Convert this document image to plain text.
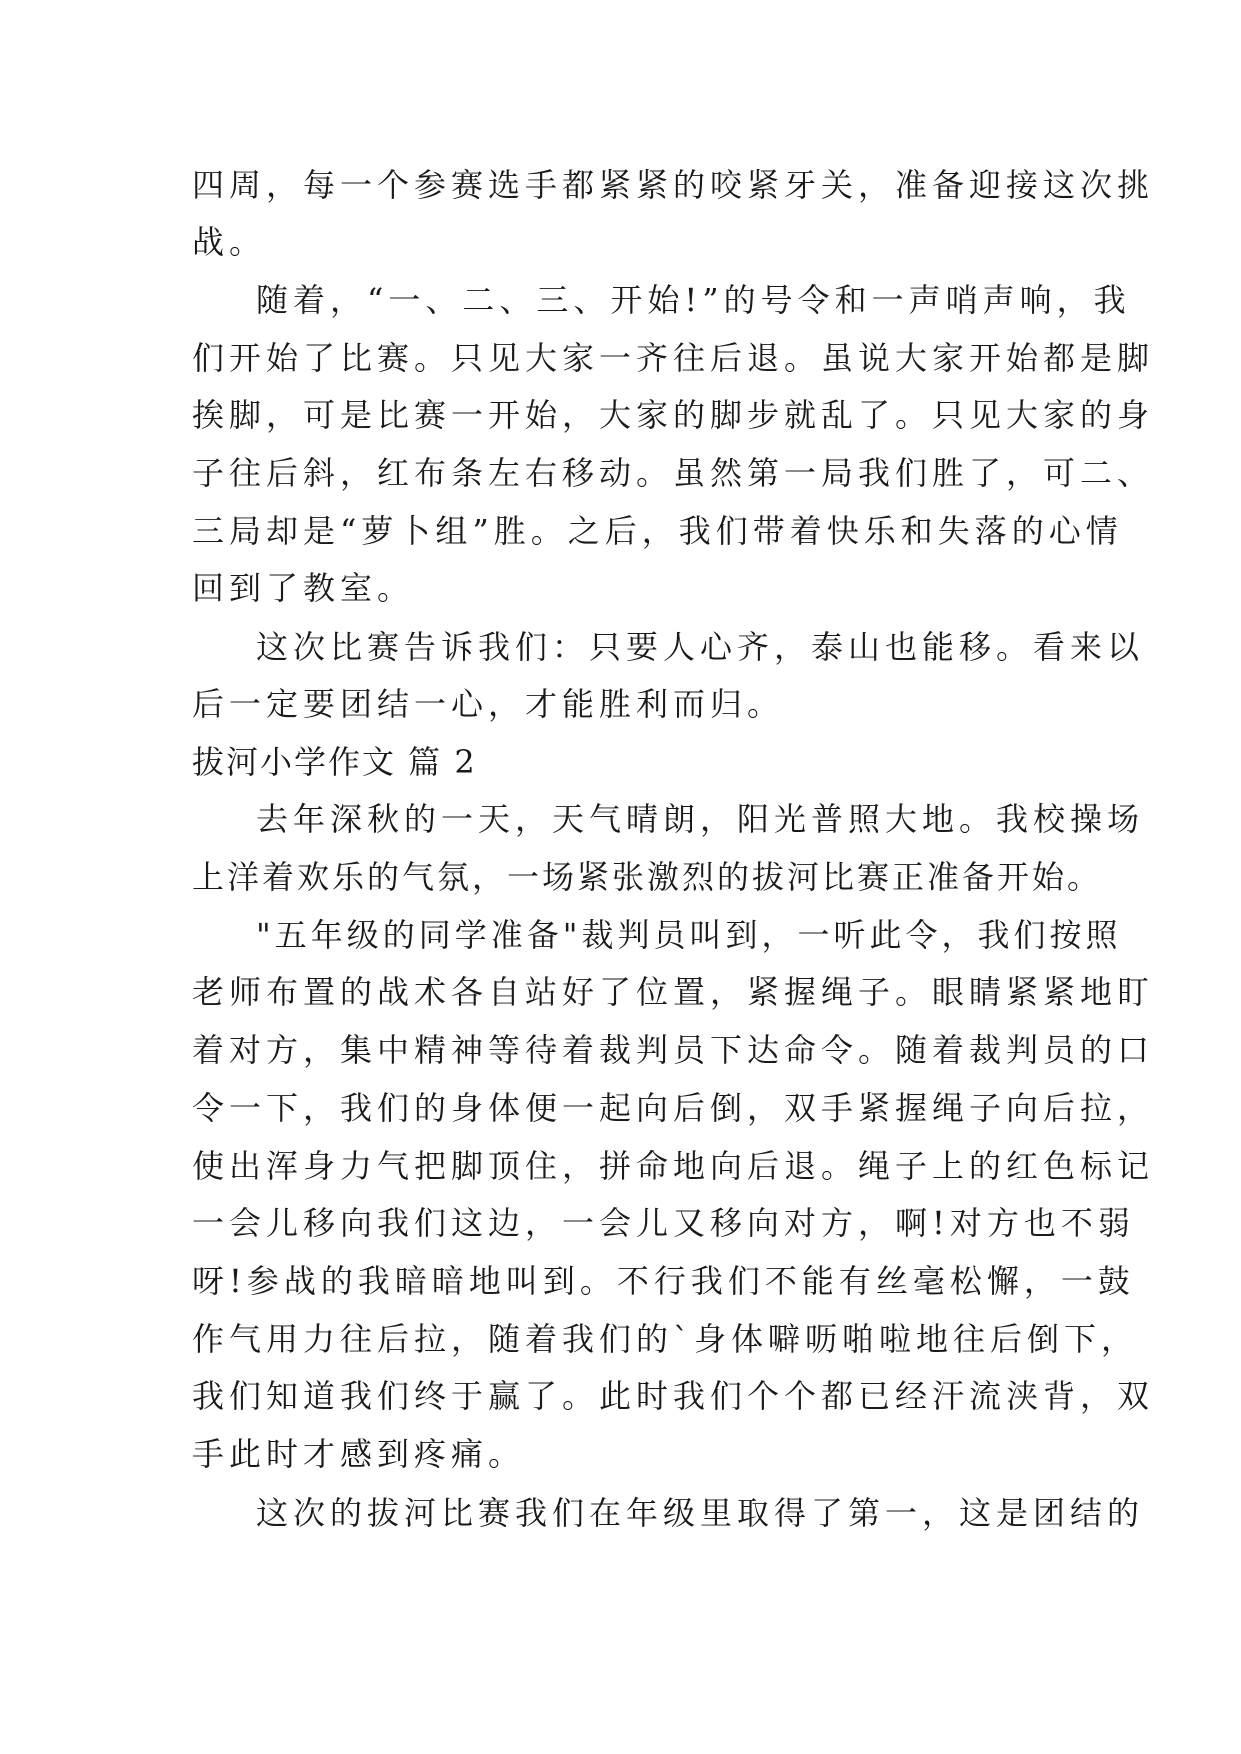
四周，每一个参赛选手都紧紧的咬紧牙关，准备迎接这次挑
战。
随着，“一、二、三、开始!”的号令和一声哨声响，我
们开始了比赛。只见大家一齐往后退。虽说大家开始都是脚
挨脚，可是比赛一开始，大家的脚步就乱了。只见大家的身
子往后斜，红布条左右移动。虽然第一局我们胜了，可二、
三局却是“萝卜组”胜。之后，我们带着快乐和失落的心情
回到了教室。
这次比赛告诉我们：只要人心齐，泰山也能移。看来以
后一定要团结一心，才能胜利而归。
拔河小学作文 篇 2
去年深秋的一天，天气晴朗，阳光普照大地。我校操场
上洋着欢乐的气氛，一场紧张激烈的拔河比赛正准备开始。
"五年级的同学准备"裁判员叫到，一听此令，我们按照
老师布置的战术各自站好了位置，紧握绳子。眼睛紧紧地盯
着对方，集中精神等待着裁判员下达命令。随着裁判员的口
令一下，我们的身体便一起向后倒，双手紧握绳子向后拉，
使出浑身力气把脚顶住，拼命地向后退。绳子上的红色标记
一会儿移向我们这边，一会儿又移向对方，啊!对方也不弱
呀!参战的我暗暗地叫到。不行我们不能有丝毫松懈，一鼓
作气用力往后拉，随着我们的`身体噼呖啪啦地往后倒下，
我们知道我们终于赢了。此时我们个个都已经汗流浃背，双
手此时才感到疼痛。
这次的拔河比赛我们在年级里取得了第一，这是团结的
